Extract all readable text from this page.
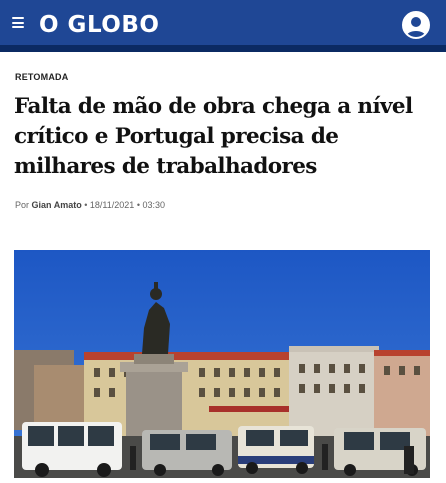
O GLOBO
RETOMADA
Falta de mão de obra chega a nível crítico e Portugal precisa de milhares de trabalhadores
Por Gian Amato • 18/11/2021 • 03:30
